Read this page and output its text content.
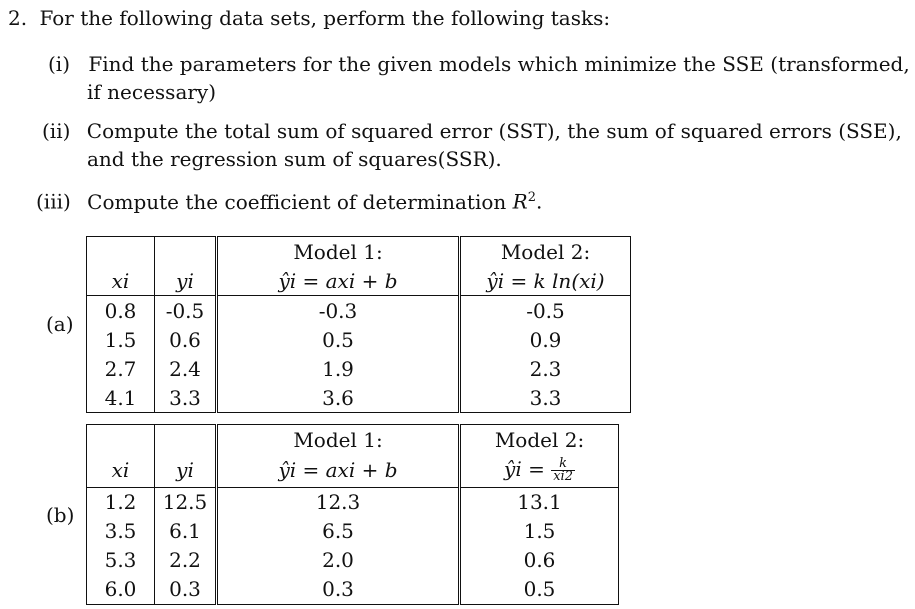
2. For the following data sets, perform the following tasks:
(i) Find the parameters for the given models which minimize the SSE (transformed,
if necessary)
(ii) Compute the total sum of squared error (SST), the sum of squared errors (SSE),
and the regression sum of squares(SSR).
(iii) Compute the coefficient of determination $R^2$.
(a)
		Model 1:	Model 2:
xi	yi	ŷi = axi + b	ŷi = k ln(xi)
0.8	-0.5	-0.3	-0.5
1.5	0.6	0.5	0.9
2.7	2.4	1.9	2.3
4.1	3.3	3.6	3.3
(b)
		Model 1:	Model 2:
xi	yi	ŷi = axi + b	ŷi = $\frac{k}{xi2}$

1.2	12.5	12.3	13.1
3.5	6.1	6.5	1.5
5.3	2.2	2.0	0.6
6.0	0.3	0.3	0.5
